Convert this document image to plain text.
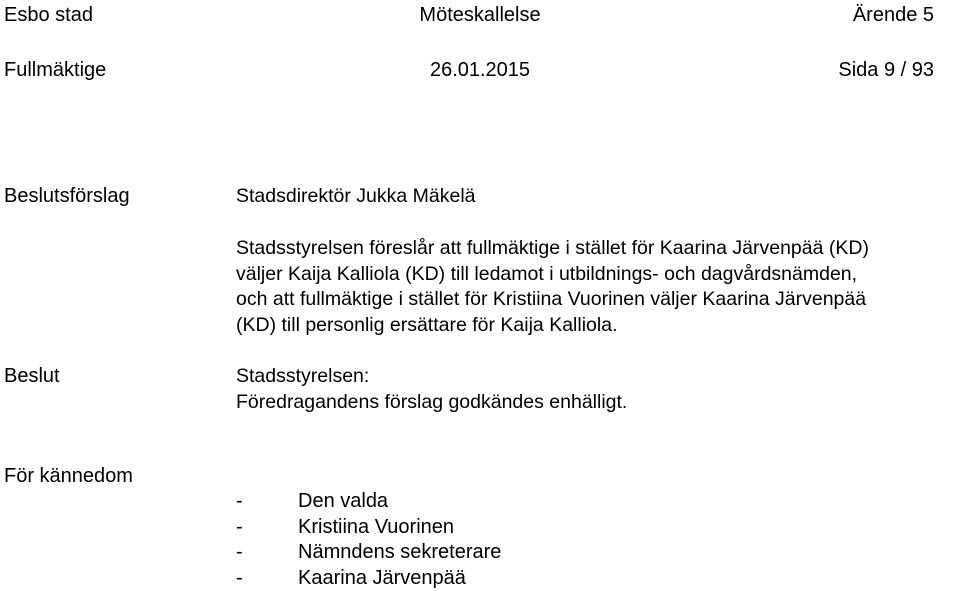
Esbo stad	Möteskallelse	Ärende 5
Fullmäktige	26.01.2015	Sida 9 / 93
Beslutsförslag	Stadsdirektör Jukka Mäkelä
Stadsstyrelsen föreslår att fullmäktige i stället för Kaarina Järvenpää (KD)
väljer Kaija Kalliola (KD) till ledamot i utbildnings- och dagvårdsnämden,
och att fullmäktige i stället för Kristiina Vuorinen väljer Kaarina Järvenpää
(KD) till personlig ersättare för Kaija Kalliola.
Beslut	Stadsstyrelsen:
Föredragandens förslag godkändes enhälligt.
För kännedom
-	Den valda
-	Kristiina Vuorinen
-	Nämndens sekreterare
-	Kaarina Järvenpää
